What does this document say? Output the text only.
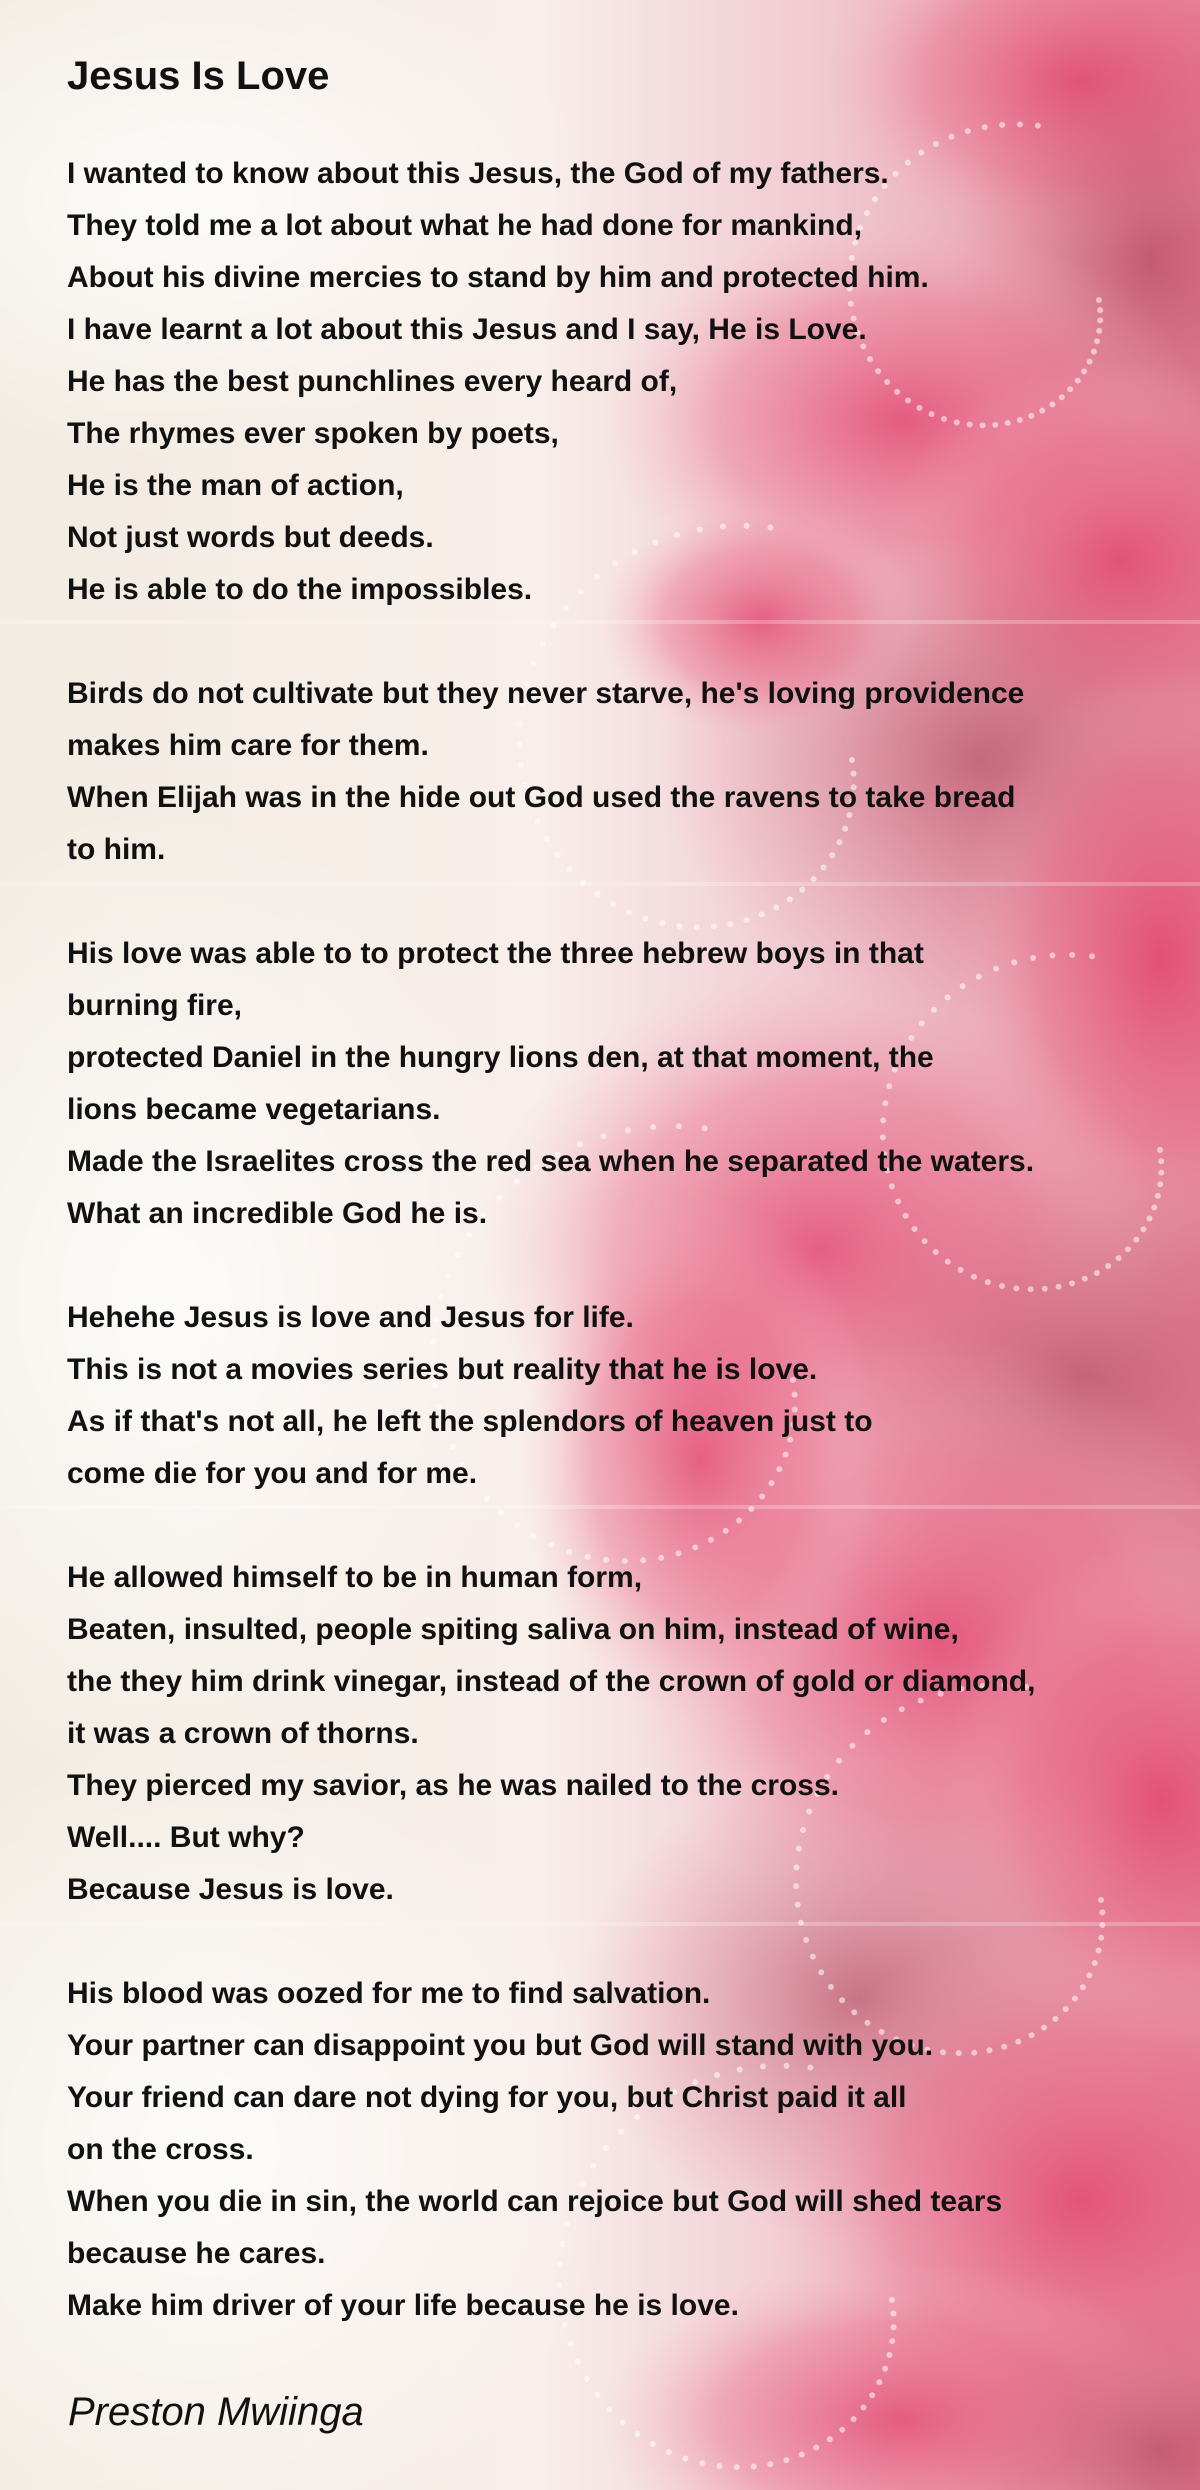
Jesus Is Love
I wanted to know about this Jesus, the God of my fathers.
They told me a lot about what he had done for mankind,
About his divine mercies to stand by him and protected him.
I have learnt a lot about this Jesus and I say, He is Love.
He has the best punchlines every heard of,
The rhymes ever spoken by poets,
He is the man of action,
Not just words but deeds.
He is able to do the impossibles.
Birds do not cultivate but they never starve, he's loving providence
makes him care for them.
When Elijah was in the hide out God used the ravens to take bread
to him.
His love was able to to protect the three hebrew boys in that
burning fire,
protected Daniel in the hungry lions den, at that moment, the
lions became vegetarians.
Made the Israelites cross the red sea when he separated the waters.
What an incredible God he is.
Hehehe Jesus is love and Jesus for life.
This is not a movies series but reality that he is love.
As if that's not all, he left the splendors of heaven just to
come die for you and for me.
He allowed himself to be in human form,
Beaten, insulted, people spiting saliva on him, instead of wine,
the they him drink vinegar, instead of the crown of gold or diamond,
it was a crown of thorns.
They pierced my savior, as he was nailed to the cross.
Well.... But why?
Because Jesus is love.
His blood was oozed for me to find salvation.
Your partner can disappoint you but God will stand with you.
Your friend can dare not dying for you, but Christ paid it all
on the cross.
When you die in sin, the world can rejoice but God will shed tears
because he cares.
Make him driver of your life because he is love.

Preston Mwiinga
